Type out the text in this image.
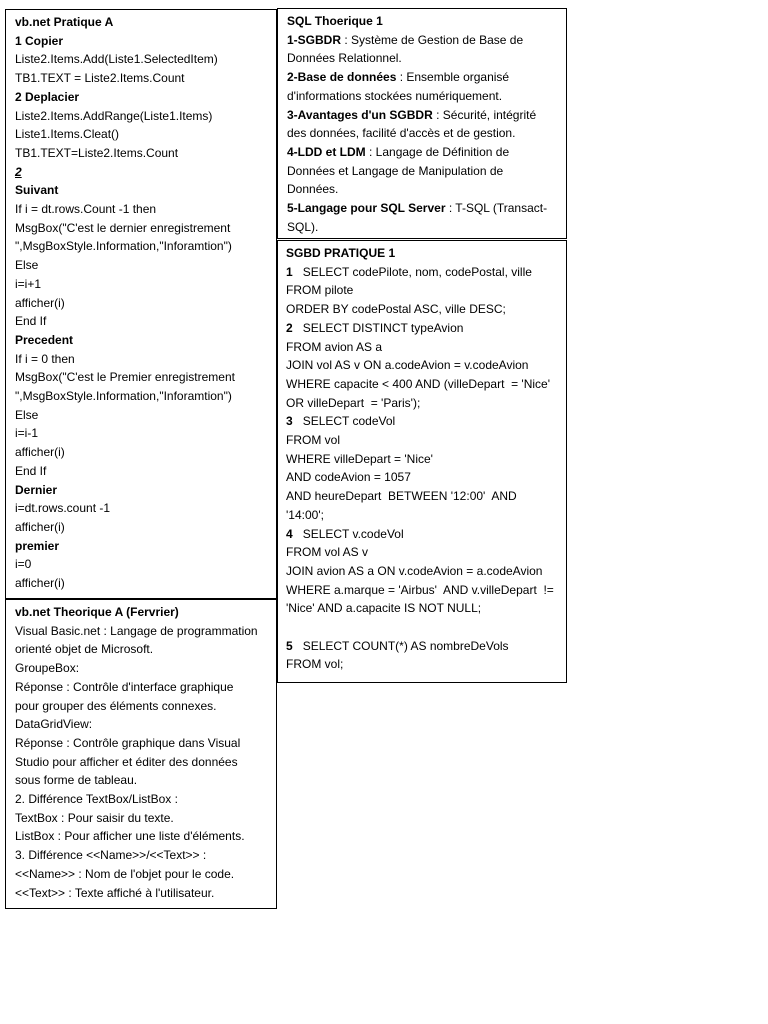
vb.net Pratique A
1 Copier
Liste2.Items.Add(Liste1.SelectedItem)
TB1.TEXT = Liste2.Items.Count
2 Deplacier
Liste2.Items.AddRange(Liste1.Items)
Liste1.Items.Cleat()
TB1.TEXT=Liste2.Items.Count
2
Suivant
If i = dt.rows.Count -1 then
MsgBox("C'est le dernier enregistrement
",MsgBoxStyle.Information,"Inforamtion")
Else
i=i+1
afficher(i)
End If
Precedent
If i = 0 then
MsgBox("C'est le Premier enregistrement
",MsgBoxStyle.Information,"Inforamtion")
Else
i=i-1
afficher(i)
End If
Dernier
i=dt.rows.count -1
afficher(i)
premier
i=0
afficher(i)
vb.net Theorique A (Fervrier)
Visual Basic.net : Langage de programmation
orienté objet de Microsoft.
GroupeBox:
Réponse : Contrôle d'interface graphique
pour grouper des éléments connexes.
DataGridView:
Réponse : Contrôle graphique dans Visual
Studio pour afficher et éditer des données
sous forme de tableau.
2. Différence TextBox/ListBox :
TextBox : Pour saisir du texte.
ListBox : Pour afficher une liste d'éléments.
3. Différence <<Name>>/<<Text>> :
<<Name>> : Nom de l'objet pour le code.
<<Text>> : Texte affiché à l'utilisateur.
SQL Thoerique 1
1-SGBDR : Système de Gestion de Base de
Données Relationnel.
2-Base de données : Ensemble organisé
d'informations stockées numériquement.
3-Avantages d'un SGBDR : Sécurité, intégrité
des données, facilité d'accès et de gestion.
4-LDD et LDM : Langage de Définition de
Données et Langage de Manipulation de
Données.
5-Langage pour SQL Server : T-SQL (Transact-
SQL).
SGBD PRATIQUE 1
1   SELECT codePilote, nom, codePostal, ville
FROM pilote
ORDER BY codePostal ASC, ville DESC;
2   SELECT DISTINCT typeAvion
FROM avion AS a
JOIN vol AS v ON a.codeAvion = v.codeAvion
WHERE capacite < 400 AND (villeDepart  = 'Nice'
OR villeDepart  = 'Paris');
3   SELECT codeVol
FROM vol
WHERE villeDepart = 'Nice'
AND codeAvion = 1057
AND heureDepart  BETWEEN '12:00'  AND
'14:00';
4   SELECT v.codeVol
FROM vol AS v
JOIN avion AS a ON v.codeAvion = a.codeAvion
WHERE a.marque = 'Airbus'  AND v.villeDepart  !=
'Nice' AND a.capacite IS NOT NULL;
5   SELECT COUNT(*) AS nombreDeVols
FROM vol;
